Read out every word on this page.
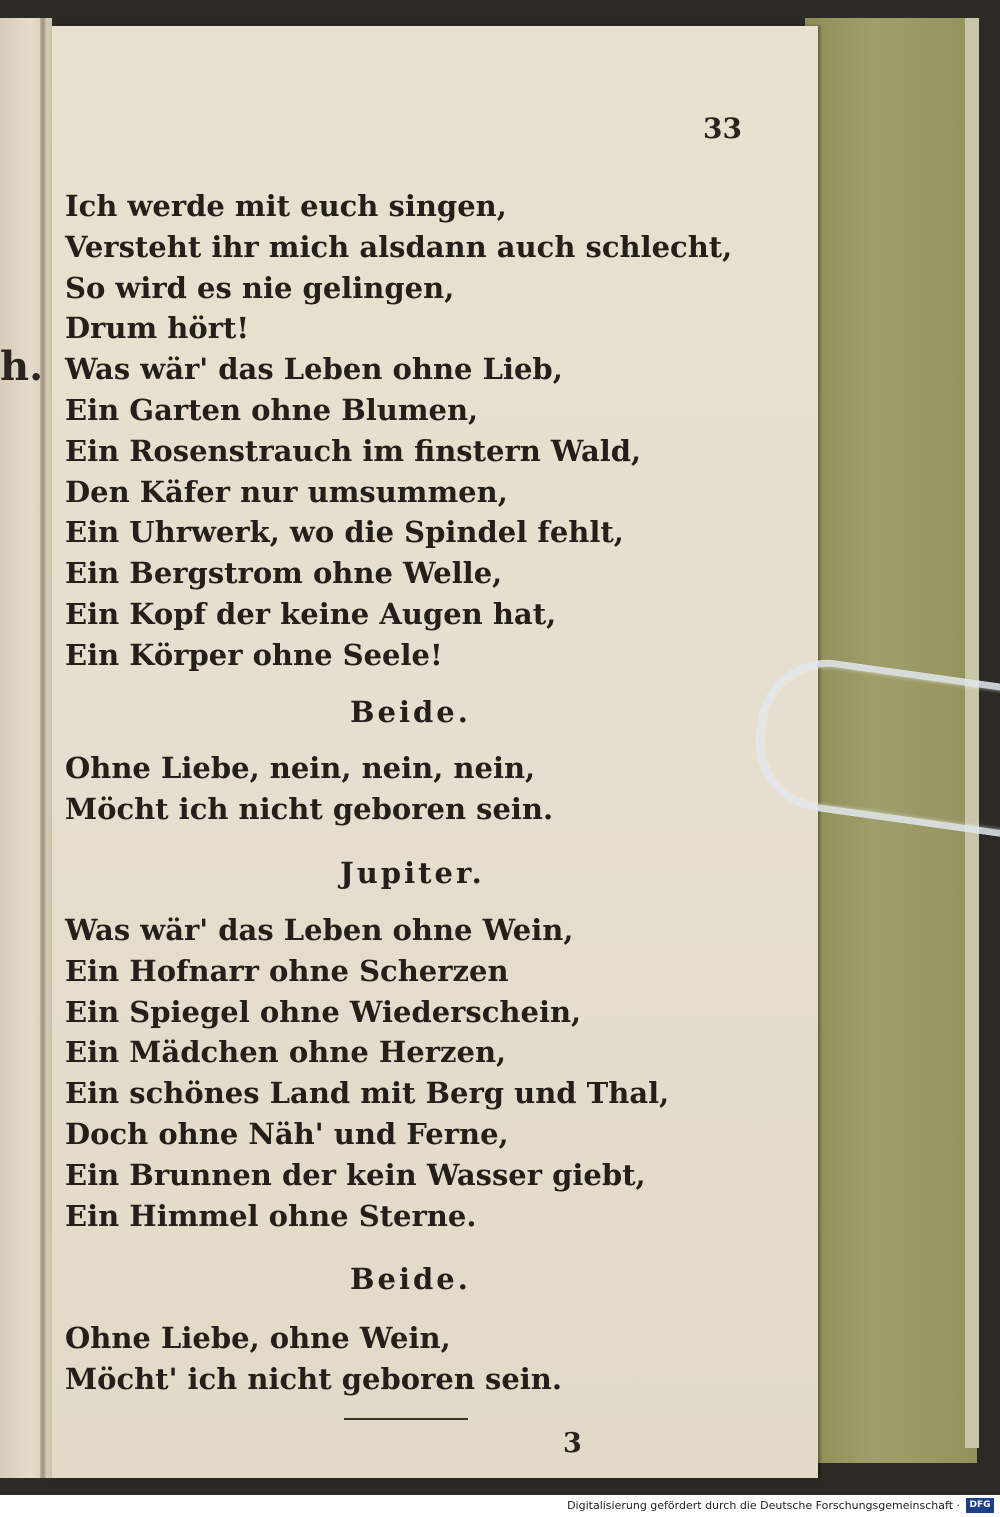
h.
33
Ich werde mit euch singen,
Versteht ihr mich alsdann auch schlecht,
So wird es nie gelingen,
Drum hört!
Was wär' das Leben ohne Lieb,
Ein Garten ohne Blumen,
Ein Rosenstrauch im finstern Wald,
Den Käfer nur umsummen,
Ein Uhrwerk, wo die Spindel fehlt,
Ein Bergstrom ohne Welle,
Ein Kopf der keine Augen hat,
Ein Körper ohne Seele!
Beide.
Ohne Liebe, nein, nein, nein,
Möcht ich nicht geboren sein.
Jupiter.
Was wär' das Leben ohne Wein,
Ein Hofnarr ohne Scherzen
Ein Spiegel ohne Wiederschein,
Ein Mädchen ohne Herzen,
Ein schönes Land mit Berg und Thal,
Doch ohne Näh' und Ferne,
Ein Brunnen der kein Wasser giebt,
Ein Himmel ohne Sterne.
Beide.
Ohne Liebe, ohne Wein,
Möcht' ich nicht geboren sein.
3
Digitalisierung gefördert durch die Deutsche Forschungsgemeinschaft ·	DFG
